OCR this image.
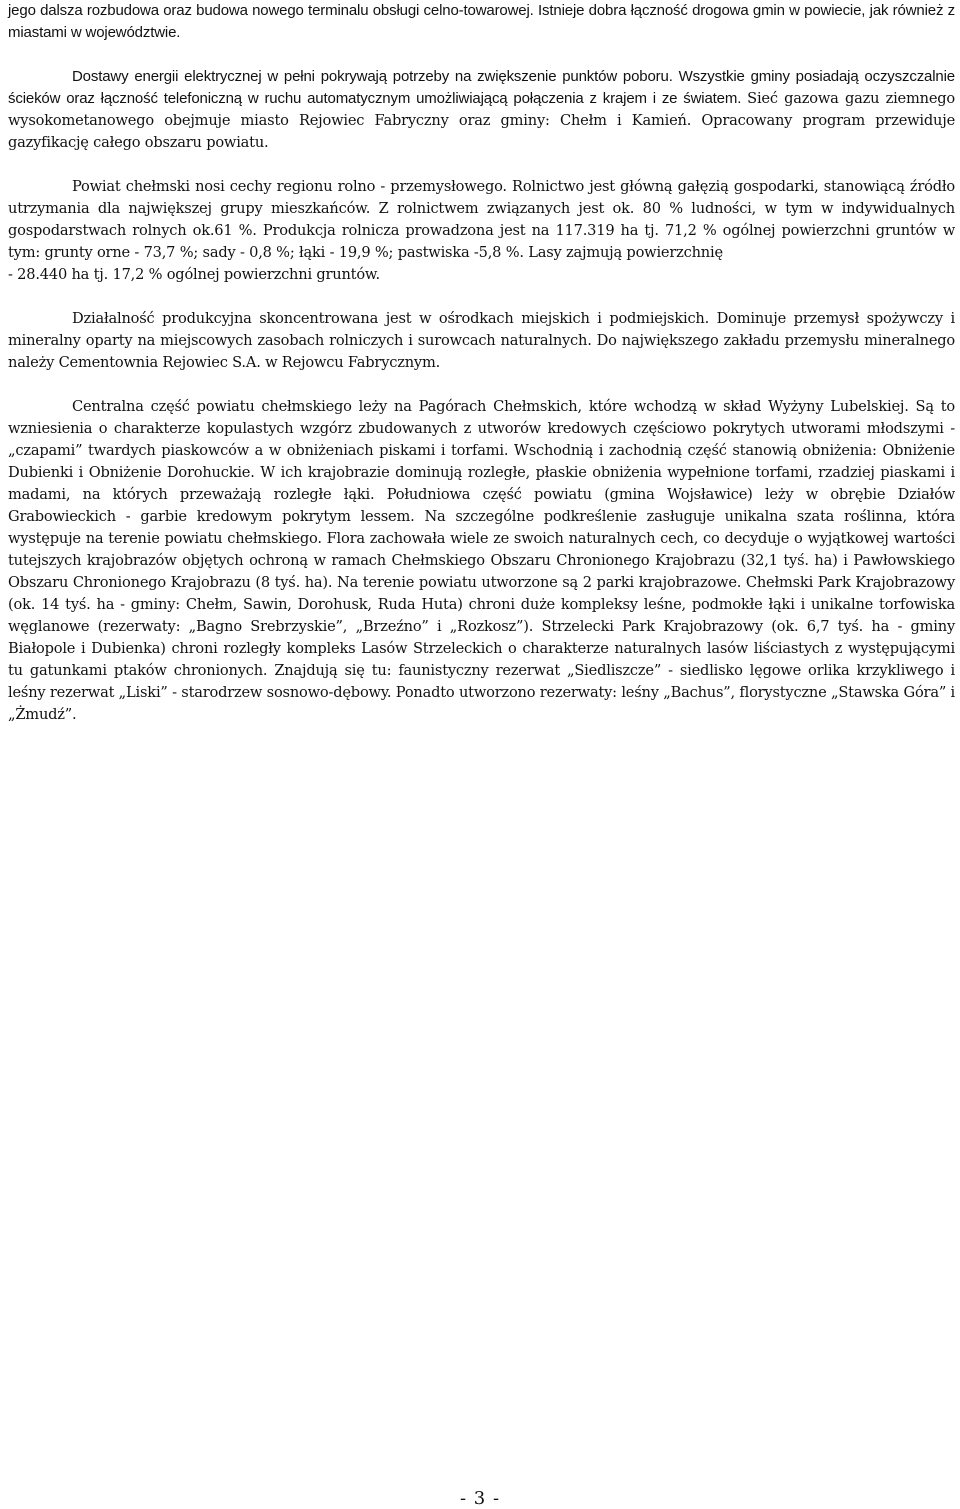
jego dalsza rozbudowa oraz budowa nowego terminalu obsługi celno-towarowej. Istnieje dobra łączność drogowa gmin w powiecie, jak również z miastami w województwie.

Dostawy energii elektrycznej w pełni pokrywają potrzeby na zwiększenie punktów poboru. Wszystkie gminy posiadają oczyszczalnie ścieków oraz łączność telefoniczną w ruchu automatycznym umożliwiającą połączenia z krajem i ze światem. Sieć gazowa gazu ziemnego wysokometanowego obejmuje miasto Rejowiec Fabryczny oraz gminy: Chełm i Kamień. Opracowany program przewiduje gazyfikację całego obszaru powiatu.

Powiat chełmski nosi cechy regionu rolno - przemysłowego. Rolnictwo jest główną gałęzią gospodarki, stanowiącą źródło utrzymania dla największej grupy mieszkańców. Z rolnictwem związanych jest ok. 80 % ludności, w tym w indywidualnych gospodarstwach rolnych ok.61 %. Produkcja rolnicza prowadzona jest na 117.319 ha tj. 71,2 % ogólnej powierzchni gruntów w tym: grunty orne - 73,7 %; sady - 0,8 %; łąki - 19,9 %; pastwiska -5,8 %. Lasy zajmują powierzchnię

- 28.440 ha tj. 17,2 % ogólnej powierzchni gruntów.

Działalność produkcyjna skoncentrowana jest w ośrodkach miejskich i podmiejskich. Dominuje przemysł spożywczy i mineralny oparty na miejscowych zasobach rolniczych i surowcach naturalnych. Do największego zakładu przemysłu mineralnego należy Cementownia Rejowiec S.A. w Rejowcu Fabrycznym.

Centralna część powiatu chełmskiego leży na Pagórach Chełmskich, które wchodzą w skład Wyżyny Lubelskiej. Są to wzniesienia o charakterze kopulastych wzgórz zbudowanych z utworów kredowych częściowo pokrytych utworami młodszymi - „czapami” twardych piaskowców a w obniżeniach piskami i torfami. Wschodnią i zachodnią część stanowią obniżenia: Obniżenie Dubienki i Obniżenie Dorohuckie. W ich krajobrazie dominują rozległe, płaskie obniżenia wypełnione torfami, rzadziej piaskami i madami, na których przeważają rozległe łąki. Południowa część powiatu (gmina Wojsławice) leży w obrębie Działów Grabowieckich - garbie kredowym pokrytym lessem. Na szczególne podkreślenie zasługuje unikalna szata roślinna, która występuje na terenie powiatu chełmskiego. Flora zachowała wiele ze swoich naturalnych cech, co decyduje o wyjątkowej wartości tutejszych krajobrazów objętych ochroną w ramach Chełmskiego Obszaru Chronionego Krajobrazu (32,1 tyś. ha) i Pawłowskiego Obszaru Chronionego Krajobrazu (8 tyś. ha). Na terenie powiatu utworzone są 2 parki krajobrazowe. Chełmski Park Krajobrazowy (ok. 14 tyś. ha - gminy: Chełm, Sawin, Dorohusk, Ruda Huta) chroni duże kompleksy leśne, podmokłe łąki i unikalne torfowiska węglanowe (rezerwaty: „Bagno Srebrzyskie”, „Brzeźno” i „Rozkosz”). Strzelecki Park Krajobrazowy (ok. 6,7 tyś. ha - gminy Białopole i Dubienka) chroni rozległy kompleks Lasów Strzeleckich o charakterze naturalnych lasów liściastych z występującymi tu gatunkami ptaków chronionych. Znajdują się tu: faunistyczny rezerwat „Siedliszcze” - siedlisko lęgowe orlika krzykliwego i leśny rezerwat „Liski” - starodrzew sosnowo-dębowy. Ponadto utworzono rezerwaty: leśny „Bachus”, florystyczne „Stawska Góra” i „Żmudź”.

- 3 -
